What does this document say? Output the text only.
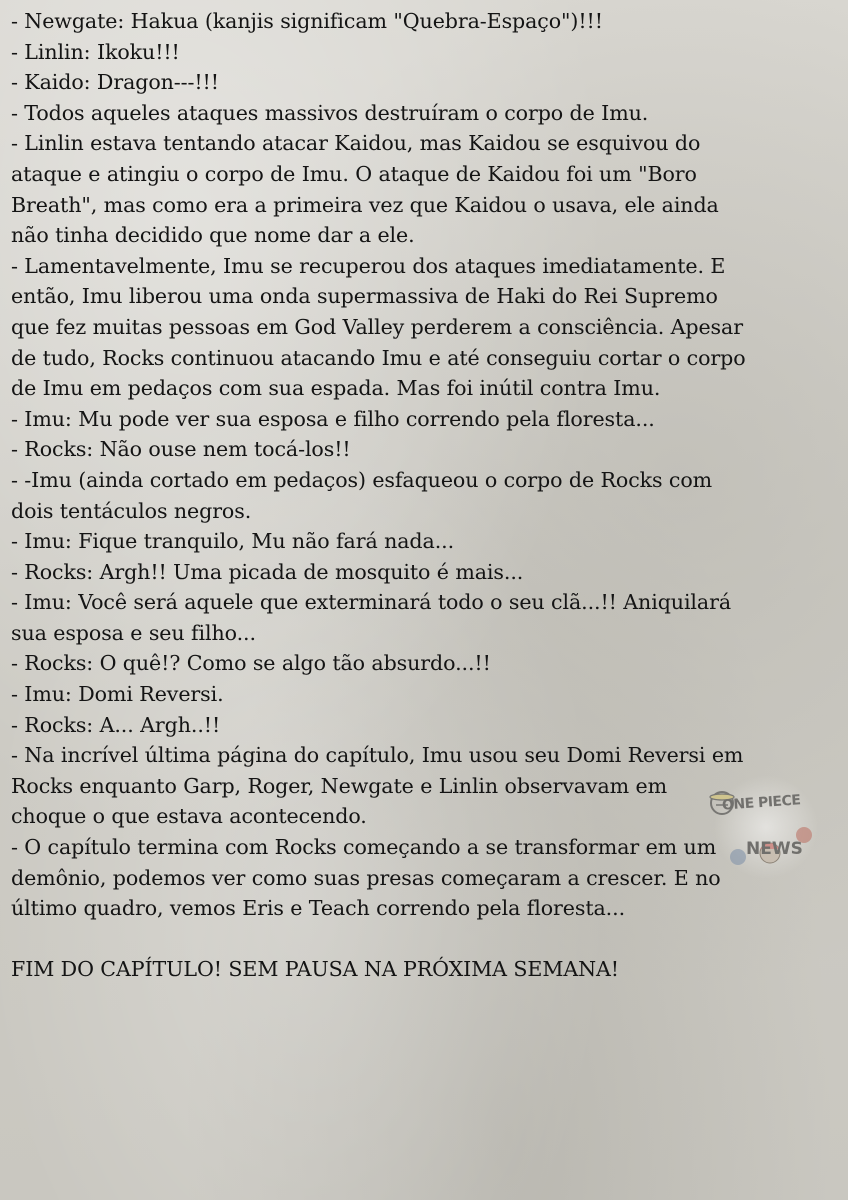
- Newgate: Hakua (kanjis significam "Quebra-Espaço")!!!
- Linlin: Ikoku!!!
- Kaido: Dragon---!!!
- Todos aqueles ataques massivos destruíram o corpo de Imu.
- Linlin estava tentando atacar Kaidou, mas Kaidou se esquivou do
ataque e atingiu o corpo de Imu. O ataque de Kaidou foi um "Boro
Breath", mas como era a primeira vez que Kaidou o usava, ele ainda
não tinha decidido que nome dar a ele.
- Lamentavelmente, Imu se recuperou dos ataques imediatamente. E
então, Imu liberou uma onda supermassiva de Haki do Rei Supremo
que fez muitas pessoas em God Valley perderem a consciência. Apesar
de tudo, Rocks continuou atacando Imu e até conseguiu cortar o corpo
de Imu em pedaços com sua espada. Mas foi inútil contra Imu.
- Imu: Mu pode ver sua esposa e filho correndo pela floresta...
- Rocks: Não ouse nem tocá-los!!
- -Imu (ainda cortado em pedaços) esfaqueou o corpo de Rocks com
dois tentáculos negros.
- Imu: Fique tranquilo, Mu não fará nada...
- Rocks: Argh!! Uma picada de mosquito é mais...
- Imu: Você será aquele que exterminará todo o seu clã...!! Aniquilará
sua esposa e seu filho...
- Rocks: O quê!? Como se algo tão absurdo...!!
- Imu: Domi Reversi.
- Rocks: A... Argh..!!
- Na incrível última página do capítulo, Imu usou seu Domi Reversi em
Rocks enquanto Garp, Roger, Newgate e Linlin observavam em
choque o que estava acontecendo.
- O capítulo termina com Rocks começando a se transformar em um
demônio, podemos ver como suas presas começaram a crescer. E no
último quadro, vemos Eris e Teach correndo pela floresta...
FIM DO CAPÍTULO! SEM PAUSA NA PRÓXIMA SEMANA!
ONE PIECE
NEWS
